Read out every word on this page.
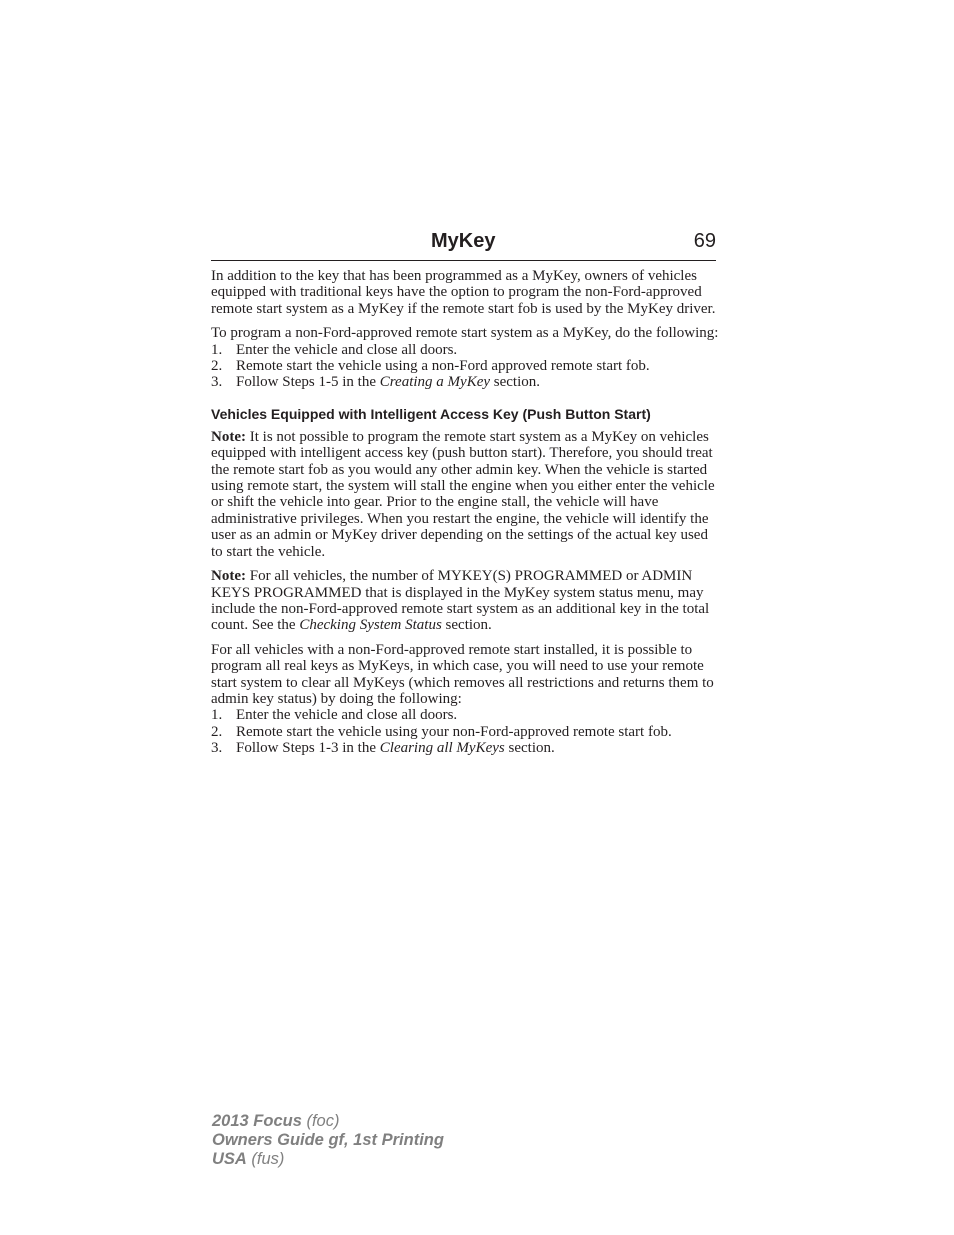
MyKey	69

In addition to the key that has been programmed as a MyKey, owners of vehicles equipped with traditional keys have the option to program the non-Ford-approved remote start system as a MyKey if the remote start fob is used by the MyKey driver.

To program a non-Ford-approved remote start system as a MyKey, do the following:

1. Enter the vehicle and close all doors.
2. Remote start the vehicle using a non-Ford approved remote start fob.
3. Follow Steps 1-5 in the Creating a MyKey section.
Vehicles Equipped with Intelligent Access Key (Push Button Start)

Note: It is not possible to program the remote start system as a MyKey on vehicles equipped with intelligent access key (push button start). Therefore, you should treat the remote start fob as you would any other admin key. When the vehicle is started using remote start, the system will stall the engine when you either enter the vehicle or shift the vehicle into gear. Prior to the engine stall, the vehicle will have administrative privileges. When you restart the engine, the vehicle will identify the user as an admin or MyKey driver depending on the settings of the actual key used to start the vehicle.

Note: For all vehicles, the number of MYKEY(S) PROGRAMMED or ADMIN KEYS PROGRAMMED that is displayed in the MyKey system status menu, may include the non-Ford-approved remote start system as an additional key in the total count. See the Checking System Status section.

For all vehicles with a non-Ford-approved remote start installed, it is possible to program all real keys as MyKeys, in which case, you will need to use your remote start system to clear all MyKeys (which removes all restrictions and returns them to admin key status) by doing the following:

1. Enter the vehicle and close all doors.
2. Remote start the vehicle using your non-Ford-approved remote start fob.
3. Follow Steps 1-3 in the Clearing all MyKeys section.
2013 Focus (foc)
Owners Guide gf, 1st Printing
USA (fus)
